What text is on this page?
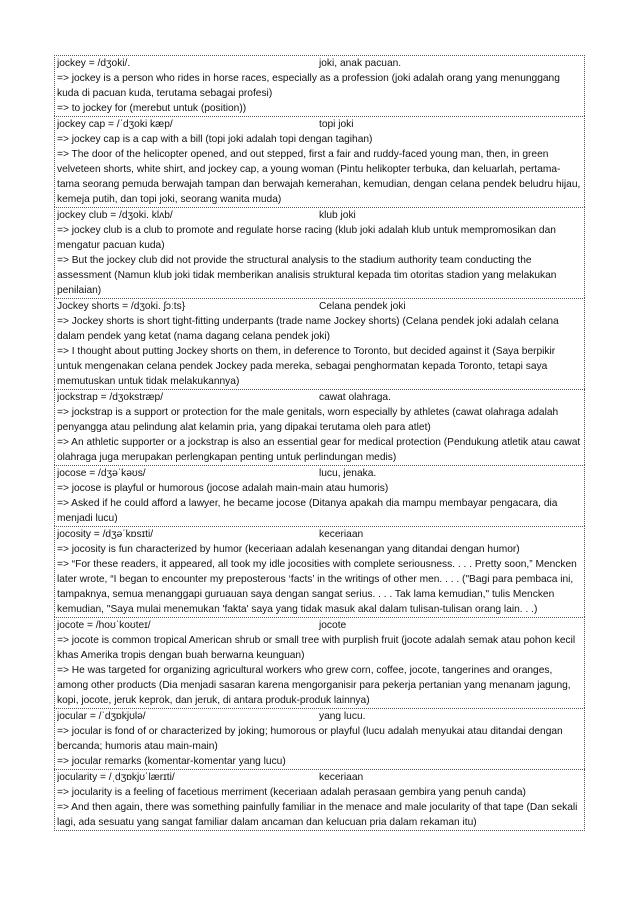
jockey = /dʒoki/.	joki, anak pacuan.
=> jockey is a person who rides in horse races, especially as a profession (joki adalah orang yang menunggang kuda di pacuan kuda, terutama sebagai profesi)
=> to jockey for (merebut untuk (position))
jockey cap = /ˈdʒoki kæp/	topi joki
=> jockey cap is a cap with a bill (topi joki adalah topi dengan tagihan)
=> The door of the helicopter opened, and out stepped, first a fair and ruddy-faced young man, then, in green velveteen shorts, white shirt, and jockey cap, a young woman (Pintu helikopter terbuka, dan keluarlah, pertama-tama seorang pemuda berwajah tampan dan berwajah kemerahan, kemudian, dengan celana pendek beludru hijau, kemeja putih, dan topi joki, seorang wanita muda)
jockey club = /dʒoki. klʌb/	klub joki
=> jockey club is a club to promote and regulate horse racing (klub joki adalah klub untuk mempromosikan dan mengatur pacuan kuda)
=> But the jockey club did not provide the structural analysis to the stadium authority team conducting the assessment (Namun klub joki tidak memberikan analisis struktural kepada tim otoritas stadion yang melakukan penilaian)
Jockey shorts = /dʒoki. ʃɔːts}	Celana pendek joki
=> Jockey shorts is short tight-fitting underpants (trade name Jockey shorts) (Celana pendek joki adalah celana dalam pendek yang ketat (nama dagang celana pendek joki)
=> I thought about putting Jockey shorts on them, in deference to Toronto, but decided against it (Saya berpikir untuk mengenakan celana pendek Jockey pada mereka, sebagai penghormatan kepada Toronto, tetapi saya memutuskan untuk tidak melakukannya)
jockstrap = /dʒokstræp/	cawat olahraga.
=> jockstrap is a support or protection for the male genitals, worn especially by athletes (cawat olahraga adalah penyangga atau pelindung alat kelamin pria, yang dipakai terutama oleh para atlet)
=> An athletic supporter or a jockstrap is also an essential gear for medical protection (Pendukung atletik atau cawat olahraga juga merupakan perlengkapan penting untuk perlindungan medis)
jocose = /dʒəˈkəʊs/	lucu, jenaka.
=> jocose is playful or humorous (jocose adalah main-main atau humoris)
=> Asked if he could afford a lawyer, he became jocose (Ditanya apakah dia mampu membayar pengacara, dia menjadi lucu)
jocosity = /dʒəˈkɒsɪti/	keceriaan
=> jocosity is fun characterized by humor (keceriaan adalah kesenangan yang ditandai dengan humor)
=> “For these readers, it appeared, all took my idle jocosities with complete seriousness. . . . Pretty soon,” Mencken later wrote, “I began to encounter my preposterous ‘facts’ in the writings of other men. . . . ("Bagi para pembaca ini, tampaknya, semua menanggapi guruauan saya dengan sangat serius. . . . Tak lama kemudian," tulis Mencken kemudian, "Saya mulai menemukan 'fakta' saya yang tidak masuk akal dalam tulisan-tulisan orang lain. . .)
jocote = /hoʊˈkoʊteɪ/	jocote
=> jocote is common tropical American shrub or small tree with purplish fruit (jocote adalah semak atau pohon kecil khas Amerika tropis dengan buah berwarna keunguan)
=> He was targeted for organizing agricultural workers who grew corn, coffee, jocote, tangerines and oranges, among other products (Dia menjadi sasaran karena mengorganisir para pekerja pertanian yang menanam jagung, kopi, jocote, jeruk keprok, dan jeruk, di antara produk-produk lainnya)
jocular = /ˈdʒɒkjʊlə/	yang lucu.
=> jocular is fond of or characterized by joking; humorous or playful (lucu adalah menyukai atau ditandai dengan bercanda; humoris atau main-main)
=> jocular remarks (komentar-komentar yang lucu)
jocularity = /ˌdʒɒkjʊˈlærɪti/	keceriaan
=> jocularity is a feeling of facetious merriment (keceriaan adalah perasaan gembira yang penuh canda)
=> And then again, there was something painfully familiar in the menace and male jocularity of that tape (Dan sekali lagi, ada sesuatu yang sangat familiar dalam ancaman dan kelucuan pria dalam rekaman itu)
